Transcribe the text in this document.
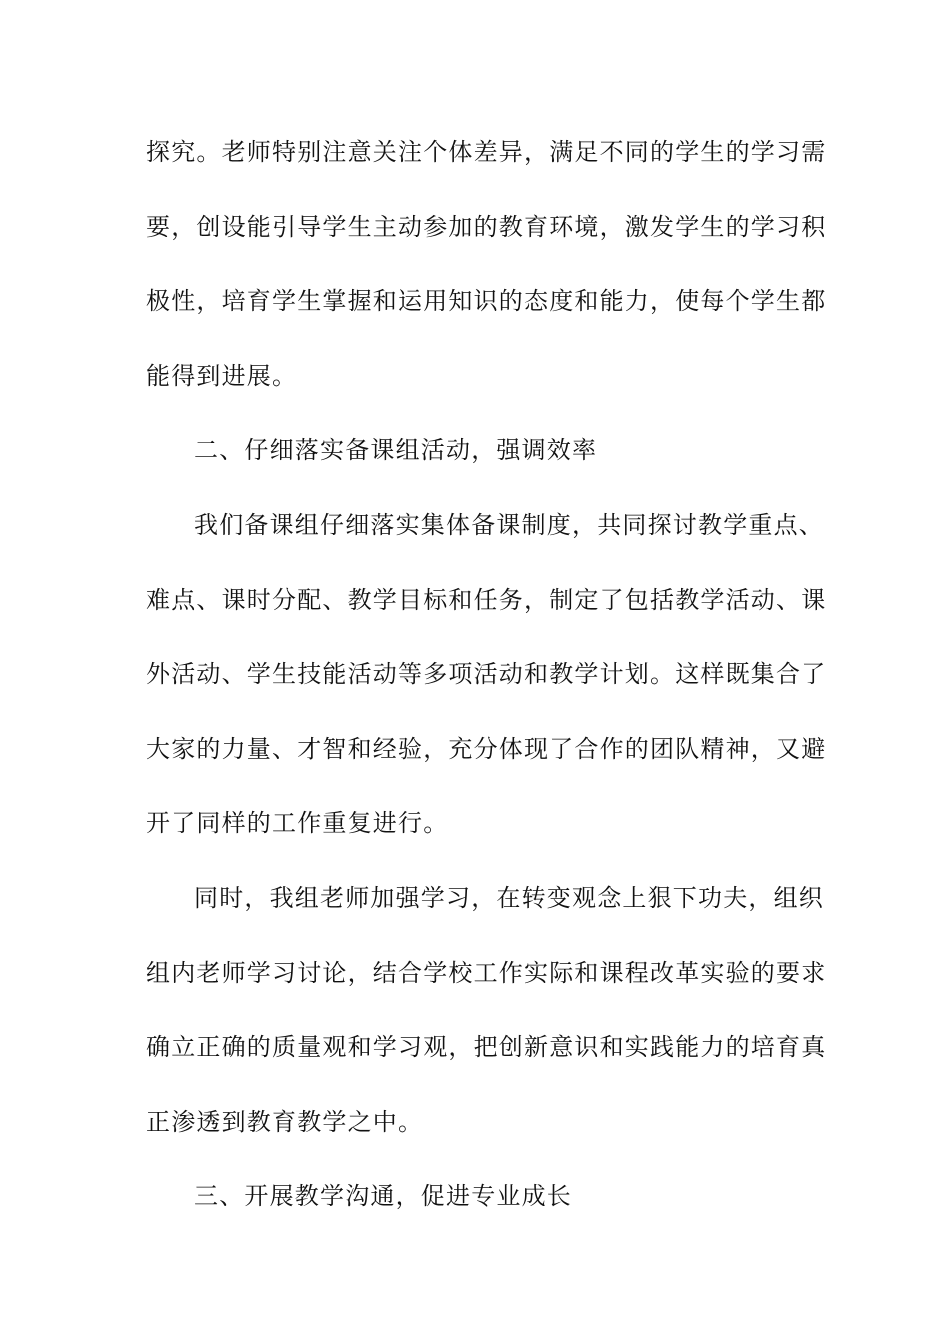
探究。老师特别注意关注个体差异，满足不同的学生的学习需
要，创设能引导学生主动参加的教育环境，激发学生的学习积
极性，培育学生掌握和运用知识的态度和能力，使每个学生都
能得到进展。
二、仔细落实备课组活动，强调效率
我们备课组仔细落实集体备课制度，共同探讨教学重点、
难点、课时分配、教学目标和任务，制定了包括教学活动、课
外活动、学生技能活动等多项活动和教学计划。这样既集合了
大家的力量、才智和经验，充分体现了合作的团队精神，又避
开了同样的工作重复进行。
同时，我组老师加强学习，在转变观念上狠下功夫，组织
组内老师学习讨论，结合学校工作实际和课程改革实验的要求
确立正确的质量观和学习观，把创新意识和实践能力的培育真
正渗透到教育教学之中。
三、开展教学沟通，促进专业成长
